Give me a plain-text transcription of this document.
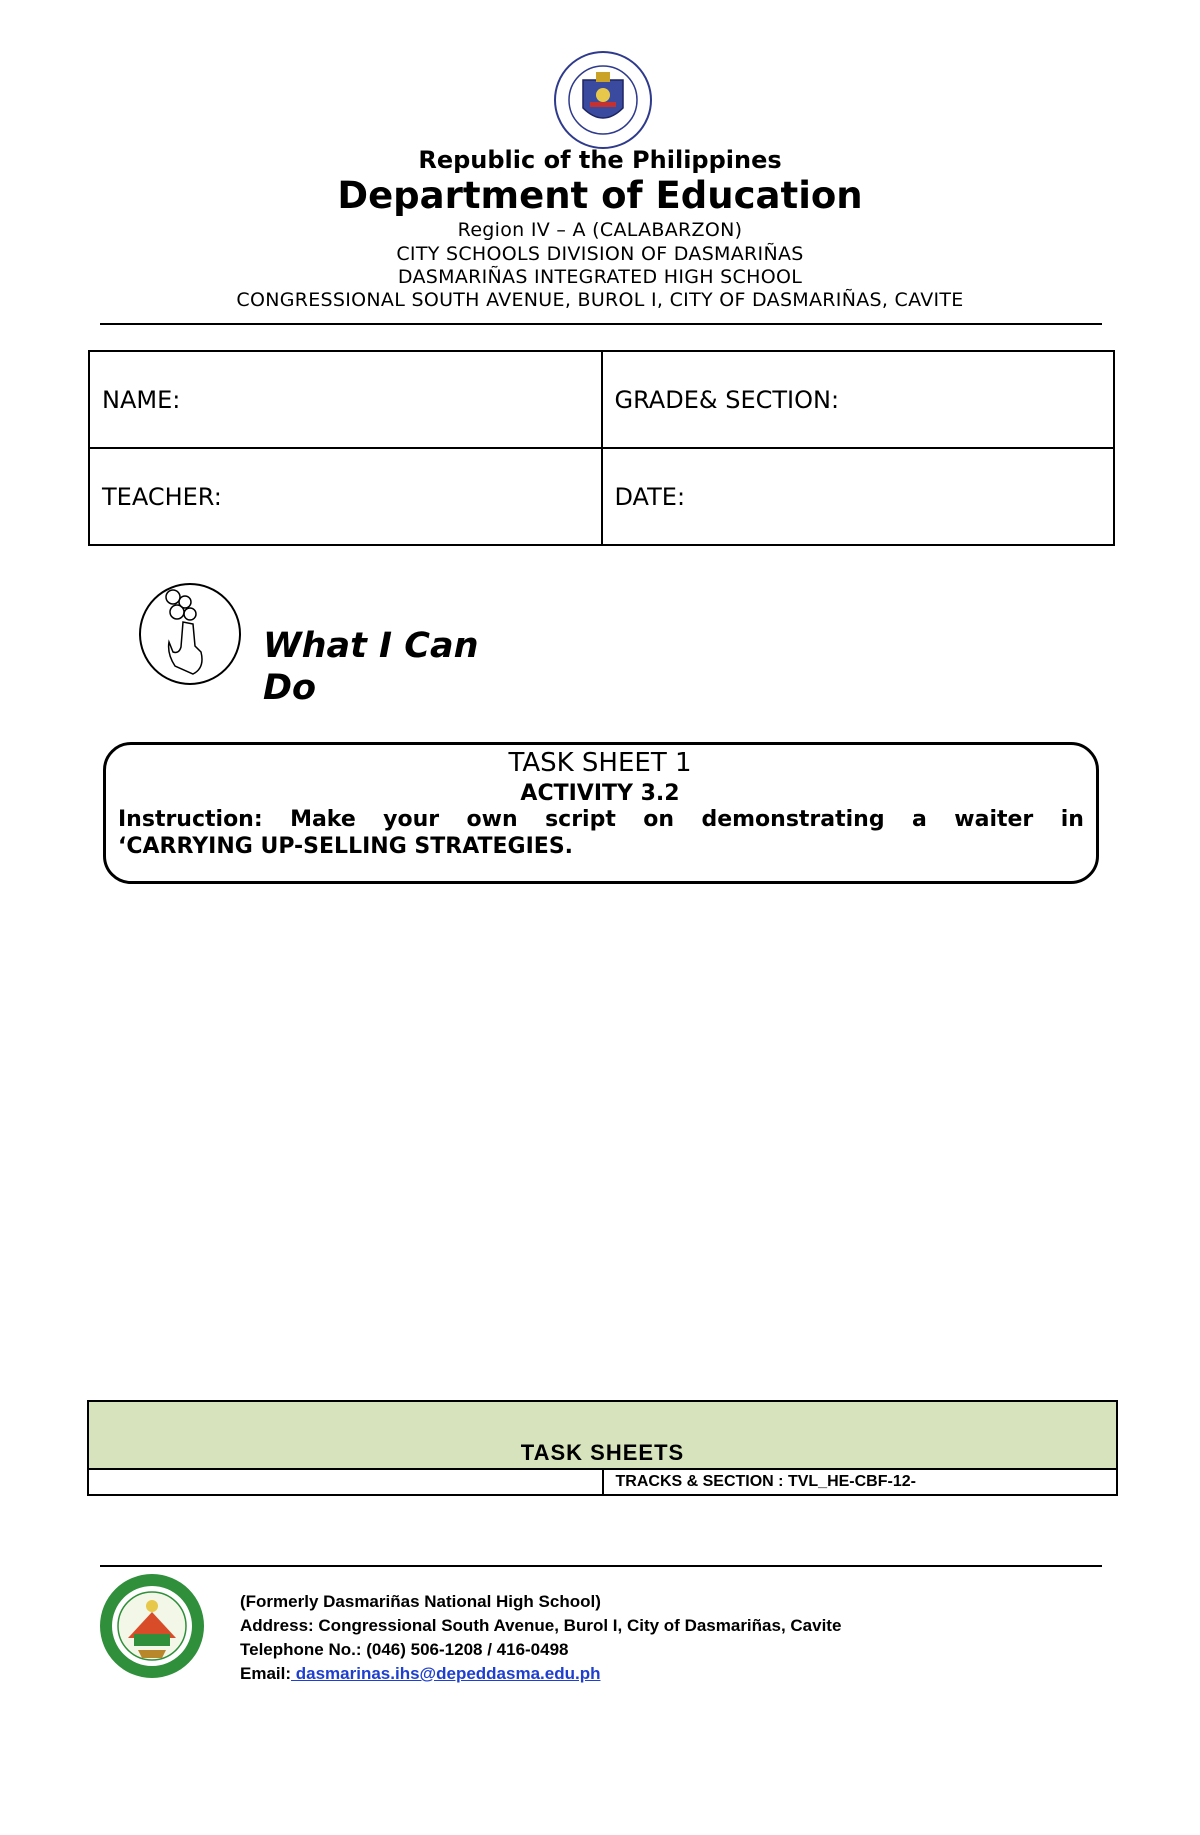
Republic of the Philippines
Department of Education
Region IV – A (CALABARZON)
CITY SCHOOLS DIVISION OF DASMARIÑAS
DASMARIÑAS INTEGRATED HIGH SCHOOL
CONGRESSIONAL SOUTH AVENUE, BUROL I, CITY OF DASMARIÑAS, CAVITE
NAME:	GRADE& SECTION:
TEACHER:	DATE:
What I Can
Do
TASK SHEET 1
ACTIVITY 3.2
Instruction: Make your own script on demonstrating a waiter in
‘CARRYING UP-SELLING STRATEGIES.
TASK SHEETS
	TRACKS & SECTION : TVL_HE-CBF-12-
(Formerly Dasmariñas National High School)
Address: Congressional South Avenue, Burol I, City of Dasmariñas, Cavite
Telephone No.: (046) 506-1208 / 416-0498
Email: dasmarinas.ihs@depeddasma.edu.ph
